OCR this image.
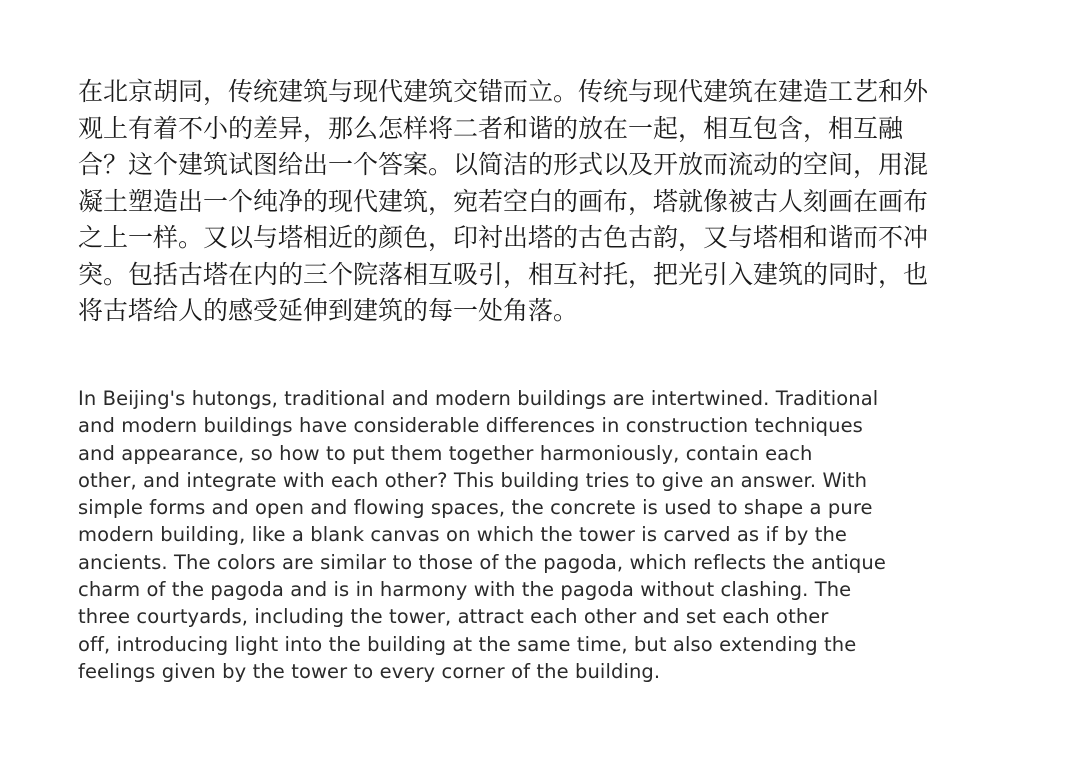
在北京胡同，传统建筑与现代建筑交错而立。传统与现代建筑在建造工艺和外
观上有着不小的差异，那么怎样将二者和谐的放在一起，相互包含，相互融
合？这个建筑试图给出一个答案。以简洁的形式以及开放而流动的空间，用混
凝土塑造出一个纯净的现代建筑，宛若空白的画布，塔就像被古人刻画在画布
之上一样。又以与塔相近的颜色，印衬出塔的古色古韵，又与塔相和谐而不冲
突。包括古塔在内的三个院落相互吸引，相互衬托，把光引入建筑的同时，也
将古塔给人的感受延伸到建筑的每一处角落。
In Beijing's hutongs, traditional and modern buildings are intertwined. Traditional
and modern buildings have considerable differences in construction techniques
and appearance, so how to put them together harmoniously, contain each
other, and integrate with each other? This building tries to give an answer. With
simple forms and open and flowing spaces, the concrete is used to shape a pure
modern building, like a blank canvas on which the tower is carved as if by the
ancients. The colors are similar to those of the pagoda, which reflects the antique
charm of the pagoda and is in harmony with the pagoda without clashing. The
three courtyards, including the tower, attract each other and set each other
off, introducing light into the building at the same time, but also extending the
feelings given by the tower to every corner of the building.
